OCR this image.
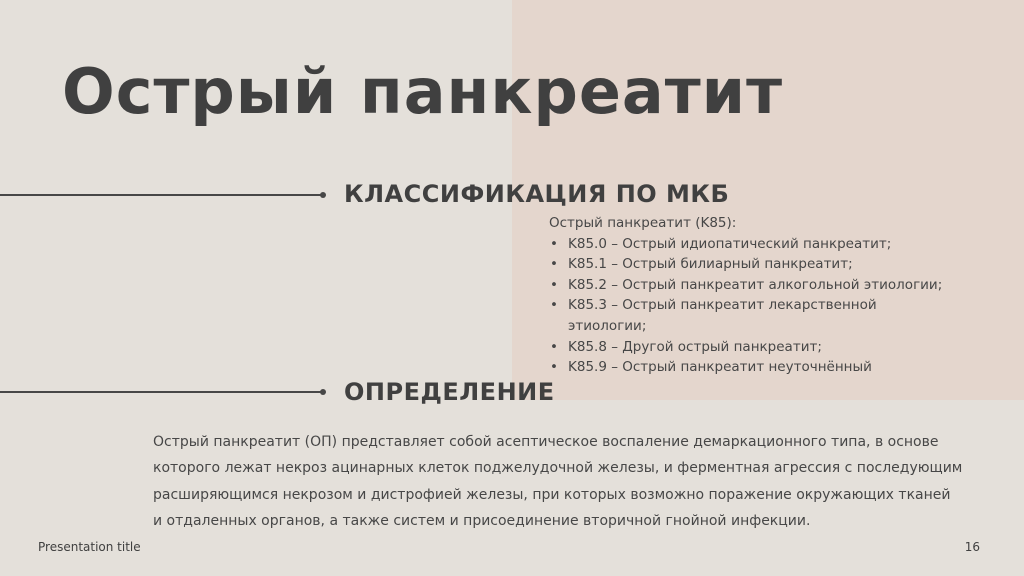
Острый панкреатит
КЛАССИФИКАЦИЯ ПО МКБ

Острый панкреатит (K85):

• K85.0 – Острый идиопатический панкреатит;
• K85.1 – Острый билиарный панкреатит;
• K85.2 – Острый панкреатит алкогольной этиологии;
• K85.3 – Острый панкреатит лекарственной этиологии;
• K85.8 – Другой острый панкреатит;
• K85.9 – Острый панкреатит неуточнённый
ОПРЕДЕЛЕНИЕ

Острый панкреатит (ОП) представляет собой асептическое воспаление демаркационного типа, в основе которого лежат некроз ацинарных клеток поджелудочной железы, и ферментная агрессия с последующим расширяющимся некрозом и дистрофией железы, при которых возможно поражение окружающих тканей и отдаленных органов, а также систем и присоединение вторичной гнойной инфекции.

Presentation title	16
